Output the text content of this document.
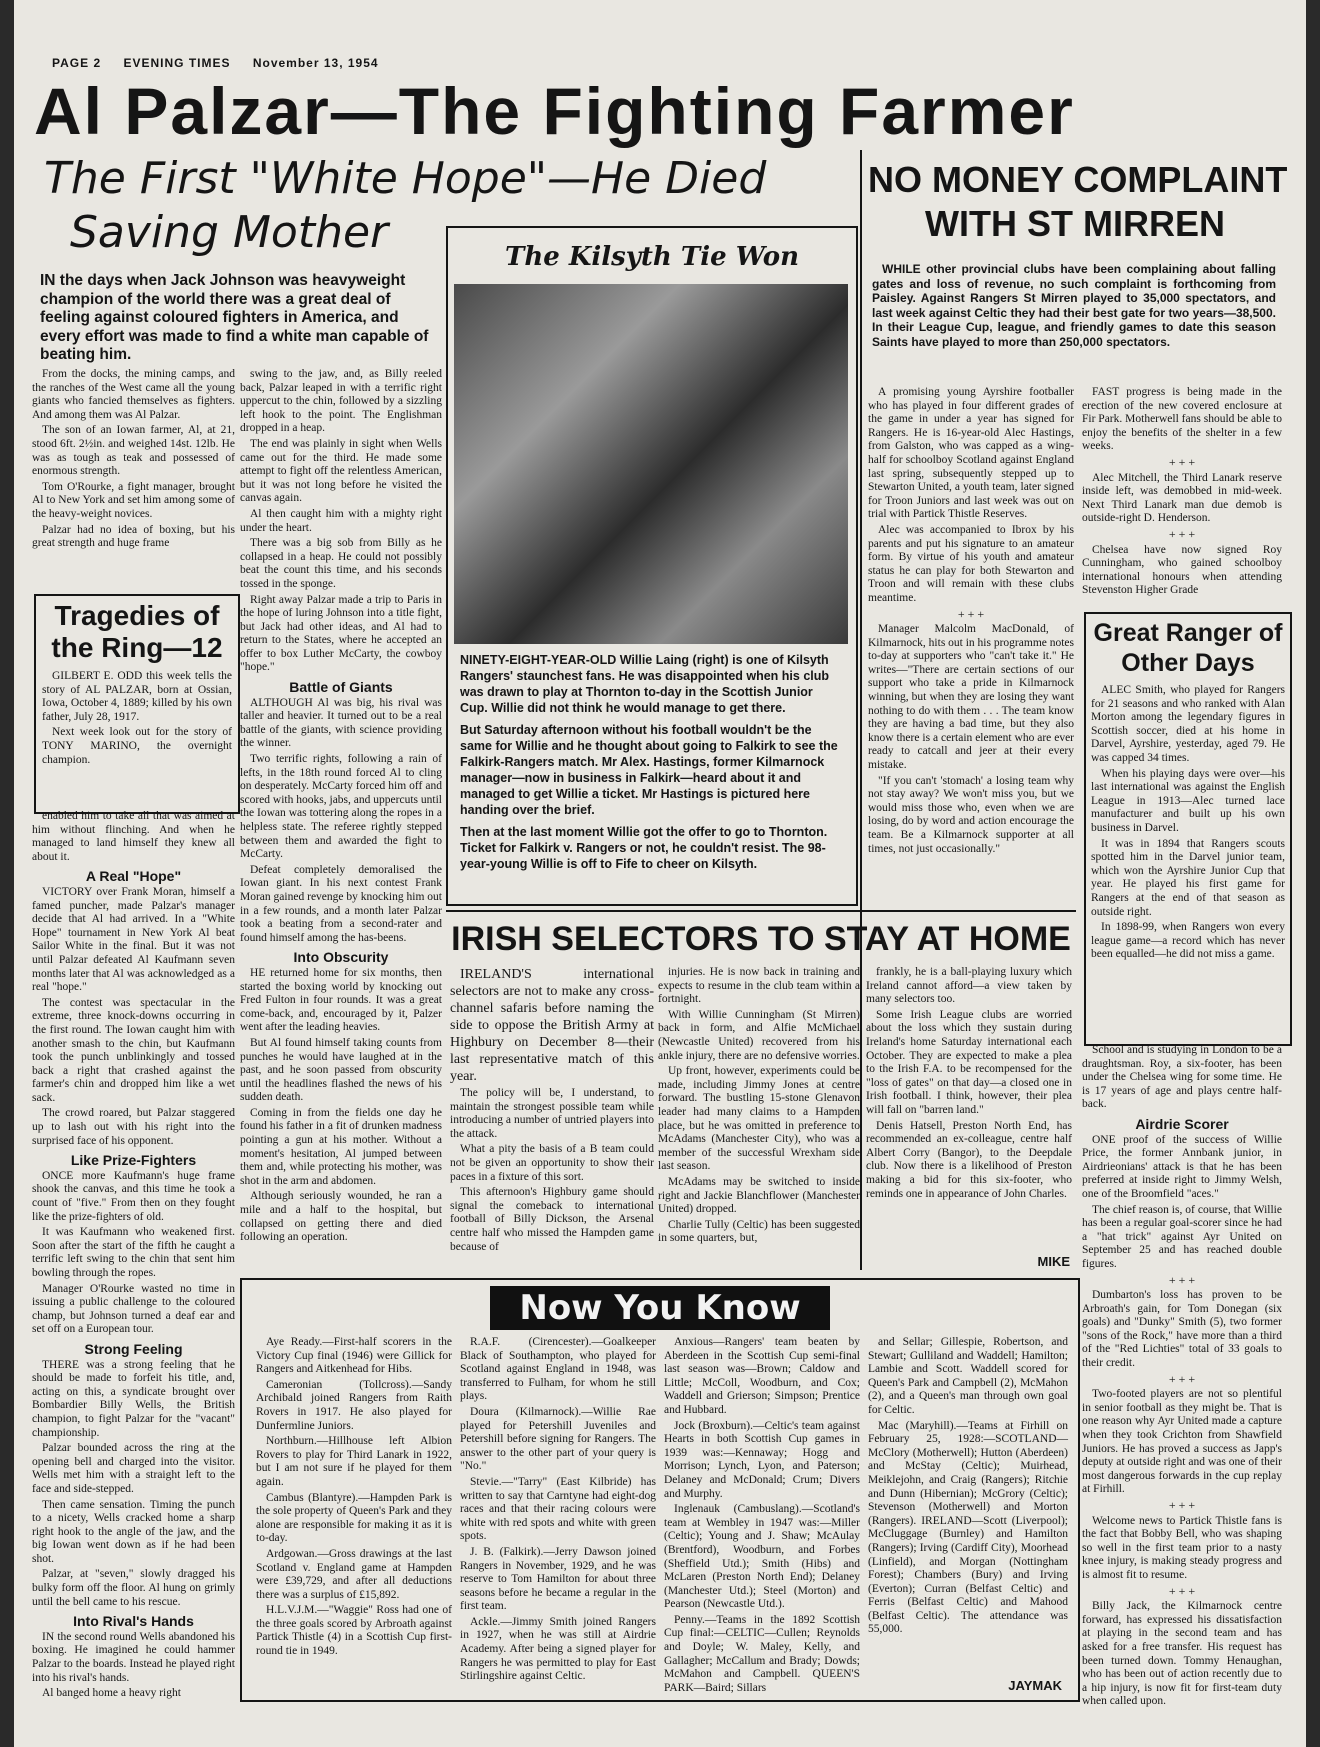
PAGE 2 EVENING TIMES November 13, 1954
Al Palzar—The Fighting Farmer
The First "White Hope"—He Died
Saving Mother
IN the days when Jack Johnson was heavyweight champion of the world there was a great deal of feeling against coloured fighters in America, and every effort was made to find a white man capable of beating him.

From the docks, the mining camps, and the ranches of the West came all the young giants who fancied themselves as fighters. And among them was Al Palzar.

The son of an Iowan farmer, Al, at 21, stood 6ft. 2½in. and weighed 14st. 12lb. He was as tough as teak and possessed of enormous strength.

Tom O'Rourke, a fight manager, brought Al to New York and set him among some of the heavy-weight novices.

Palzar had no idea of boxing, but his great strength and huge frame

Tragedies of
the Ring—12

GILBERT E. ODD this week tells the story of AL PALZAR, born at Ossian, Iowa, October 4, 1889; killed by his own father, July 28, 1917.

Next week look out for the story of TONY MARINO, the overnight champion.

enabled him to take all that was aimed at him without flinching. And when he managed to land himself they knew all about it.

A Real "Hope"

VICTORY over Frank Moran, himself a famed puncher, made Palzar's manager decide that Al had arrived. In a "White Hope" tournament in New York Al beat Sailor White in the final. But it was not until Palzar defeated Al Kaufmann seven months later that Al was acknowledged as a real "hope."

The contest was spectacular in the extreme, three knock-downs occurring in the first round. The Iowan caught him with another smash to the chin, but Kaufmann took the punch unblinkingly and tossed back a right that crashed against the farmer's chin and dropped him like a wet sack.

The crowd roared, but Palzar staggered up to lash out with his right into the surprised face of his opponent.

Like Prize-Fighters

ONCE more Kaufmann's huge frame shook the canvas, and this time he took a count of "five." From then on they fought like the prize-fighters of old.

It was Kaufmann who weakened first. Soon after the start of the fifth he caught a terrific left swing to the chin that sent him bowling through the ropes.

Manager O'Rourke wasted no time in issuing a public challenge to the coloured champ, but Johnson turned a deaf ear and set off on a European tour.

Strong Feeling

THERE was a strong feeling that he should be made to forfeit his title, and, acting on this, a syndicate brought over Bombardier Billy Wells, the British champion, to fight Palzar for the "vacant" championship.

Palzar bounded across the ring at the opening bell and charged into the visitor. Wells met him with a straight left to the face and side-stepped.

Then came sensation. Timing the punch to a nicety, Wells cracked home a sharp right hook to the angle of the jaw, and the big Iowan went down as if he had been shot.

Palzar, at "seven," slowly dragged his bulky form off the floor. Al hung on grimly until the bell came to his rescue.

Into Rival's Hands

IN the second round Wells abandoned his boxing. He imagined he could hammer Palzar to the boards. Instead he played right into his rival's hands.

Al banged home a heavy right

swing to the jaw, and, as Billy reeled back, Palzar leaped in with a terrific right uppercut to the chin, followed by a sizzling left hook to the point. The Englishman dropped in a heap.

The end was plainly in sight when Wells came out for the third. He made some attempt to fight off the relentless American, but it was not long before he visited the canvas again.

Al then caught him with a mighty right under the heart.

There was a big sob from Billy as he collapsed in a heap. He could not possibly beat the count this time, and his seconds tossed in the sponge.

Right away Palzar made a trip to Paris in the hope of luring Johnson into a title fight, but Jack had other ideas, and Al had to return to the States, where he accepted an offer to box Luther McCarty, the cowboy "hope."

Battle of Giants

ALTHOUGH Al was big, his rival was taller and heavier. It turned out to be a real battle of the giants, with science providing the winner.

Two terrific rights, following a rain of lefts, in the 18th round forced Al to cling on desperately. McCarty forced him off and scored with hooks, jabs, and uppercuts until the Iowan was tottering along the ropes in a helpless state. The referee rightly stepped between them and awarded the fight to McCarty.

Defeat completely demoralised the Iowan giant. In his next contest Frank Moran gained revenge by knocking him out in a few rounds, and a month later Palzar took a beating from a second-rater and found himself among the has-beens.

Into Obscurity

HE returned home for six months, then started the boxing world by knocking out Fred Fulton in four rounds. It was a great come-back, and, encouraged by it, Palzer went after the leading heavies.

But Al found himself taking counts from punches he would have laughed at in the past, and he soon passed from obscurity until the headlines flashed the news of his sudden death.

Coming in from the fields one day he found his father in a fit of drunken madness pointing a gun at his mother. Without a moment's hesitation, Al jumped between them and, while protecting his mother, was shot in the arm and abdomen.

Although seriously wounded, he ran a mile and a half to the hospital, but collapsed on getting there and died following an operation.

The Kilsyth Tie Won

NINETY-EIGHT-YEAR-OLD Willie Laing (right) is one of Kilsyth Rangers' staunchest fans. He was disappointed when his club was drawn to play at Thornton to-day in the Scottish Junior Cup. Willie did not think he would manage to get there.

But Saturday afternoon without his football wouldn't be the same for Willie and he thought about going to Falkirk to see the Falkirk-Rangers match. Mr Alex. Hastings, former Kilmarnock manager—now in business in Falkirk—heard about it and managed to get Willie a ticket. Mr Hastings is pictured here handing over the brief.

Then at the last moment Willie got the offer to go to Thornton. Ticket for Falkirk v. Rangers or not, he couldn't resist. The 98-year-young Willie is off to Fife to cheer on Kilsyth.

NO MONEY COMPLAINT
WITH ST MIRREN

WHILE other provincial clubs have been complaining about falling gates and loss of revenue, no such complaint is forthcoming from Paisley. Against Rangers St Mirren played to 35,000 spectators, and last week against Celtic they had their best gate for two years—38,500. In their League Cup, league, and friendly games to date this season Saints have played to more than 250,000 spectators.

A promising young Ayrshire footballer who has played in four different grades of the game in under a year has signed for Rangers. He is 16-year-old Alec Hastings, from Galston, who was capped as a wing-half for schoolboy Scotland against England last spring, subsequently stepped up to Stewarton United, a youth team, later signed for Troon Juniors and last week was out on trial with Partick Thistle Reserves.

Alec was accompanied to Ibrox by his parents and put his signature to an amateur form. By virtue of his youth and amateur status he can play for both Stewarton and Troon and will remain with these clubs meantime.

+ + +

Manager Malcolm MacDonald, of Kilmarnock, hits out in his programme notes to-day at supporters who "can't take it." He writes—"There are certain sections of our support who take a pride in Kilmarnock winning, but when they are losing they want nothing to do with them . . . The team know they are having a bad time, but they also know there is a certain element who are ever ready to catcall and jeer at their every mistake.

"If you can't 'stomach' a losing team why not stay away? We won't miss you, but we would miss those who, even when we are losing, do by word and action encourage the team. Be a Kilmarnock supporter at all times, not just occasionally."

FAST progress is being made in the erection of the new covered enclosure at Fir Park. Motherwell fans should be able to enjoy the benefits of the shelter in a few weeks.

+ + +

Alec Mitchell, the Third Lanark reserve inside left, was demobbed in mid-week. Next Third Lanark man due demob is outside-right D. Henderson.

+ + +

Chelsea have now signed Roy Cunningham, who gained schoolboy international honours when attending Stevenston Higher Grade

Great Ranger of
Other Days

ALEC Smith, who played for Rangers for 21 seasons and who ranked with Alan Morton among the legendary figures in Scottish soccer, died at his home in Darvel, Ayrshire, yesterday, aged 79. He was capped 34 times.

When his playing days were over—his last international was against the English League in 1913—Alec turned lace manufacturer and built up his own business in Darvel.

It was in 1894 that Rangers scouts spotted him in the Darvel junior team, which won the Ayrshire Junior Cup that year. He played his first game for Rangers at the end of that season as outside right.

In 1898-99, when Rangers won every league game—a record which has never been equalled—he did not miss a game.

School and is studying in London to be a draughtsman. Roy, a six-footer, has been under the Chelsea wing for some time. He is 17 years of age and plays centre half-back.

Airdrie Scorer

ONE proof of the success of Willie Price, the former Annbank junior, in Airdrieonians' attack is that he has been preferred at inside right to Jimmy Welsh, one of the Broomfield "aces."

The chief reason is, of course, that Willie has been a regular goal-scorer since he had a "hat trick" against Ayr United on September 25 and has reached double figures.

+ + +

Dumbarton's loss has proven to be Arbroath's gain, for Tom Donegan (six goals) and "Dunky" Smith (5), two former "sons of the Rock," have more than a third of the "Red Lichties" total of 33 goals to their credit.

+ + +

Two-footed players are not so plentiful in senior football as they might be. That is one reason why Ayr United made a capture when they took Crichton from Shawfield Juniors. He has proved a success as Japp's deputy at outside right and was one of their most dangerous forwards in the cup replay at Firhill.

+ + +

Welcome news to Partick Thistle fans is the fact that Bobby Bell, who was shaping so well in the first team prior to a nasty knee injury, is making steady progress and is almost fit to resume.

+ + +

Billy Jack, the Kilmarnock centre forward, has expressed his dissatisfaction at playing in the second team and has asked for a free transfer. His request has been turned down. Tommy Henaughan, who has been out of action recently due to a hip injury, is now fit for first-team duty when called upon.

IRISH SELECTORS TO STAY AT HOME

IRELAND'S international selectors are not to make any cross-channel safaris before naming the side to oppose the British Army at Highbury on December 8—their last representative match of this year.

The policy will be, I understand, to maintain the strongest possible team while introducing a number of untried players into the attack.

What a pity the basis of a B team could not be given an opportunity to show their paces in a fixture of this sort.

This afternoon's Highbury game should signal the comeback to international football of Billy Dickson, the Arsenal centre half who missed the Hampden game because of

injuries. He is now back in training and expects to resume in the club team within a fortnight.

With Willie Cunningham (St Mirren) back in form, and Alfie McMichael (Newcastle United) recovered from his ankle injury, there are no defensive worries.

Up front, however, experiments could be made, including Jimmy Jones at centre forward. The bustling 15-stone Glenavon leader had many claims to a Hampden place, but he was omitted in preference to McAdams (Manchester City), who was a member of the successful Wrexham side last season.

McAdams may be switched to inside right and Jackie Blanchflower (Manchester United) dropped.

Charlie Tully (Celtic) has been suggested in some quarters, but,

frankly, he is a ball-playing luxury which Ireland cannot afford—a view taken by many selectors too.

Some Irish League clubs are worried about the loss which they sustain during Ireland's home Saturday international each October. They are expected to make a plea to the Irish F.A. to be recompensed for the "loss of gates" on that day—a closed one in Irish football. I think, however, their plea will fall on "barren land."

Denis Hatsell, Preston North End, has recommended an ex-colleague, centre half Albert Corry (Bangor), to the Deepdale club. Now there is a likelihood of Preston making a bid for this six-footer, who reminds one in appearance of John Charles.

MIKE
Now You Know

Aye Ready.—First-half scorers in the Victory Cup final (1946) were Gillick for Rangers and Aitkenhead for Hibs.

Cameronian (Tollcross).—Sandy Archibald joined Rangers from Raith Rovers in 1917. He also played for Dunfermline Juniors.

Northburn.—Hillhouse left Albion Rovers to play for Third Lanark in 1922, but I am not sure if he played for them again.

Cambus (Blantyre).—Hampden Park is the sole property of Queen's Park and they alone are responsible for making it as it is to-day.

Ardgowan.—Gross drawings at the last Scotland v. England game at Hampden were £39,729, and after all deductions there was a surplus of £15,892.

H.L.V.J.M.—"Waggie" Ross had one of the three goals scored by Arbroath against Partick Thistle (4) in a Scottish Cup first-round tie in 1949.

R.A.F. (Cirencester).—Goalkeeper Black of Southampton, who played for Scotland against England in 1948, was transferred to Fulham, for whom he still plays.

Doura (Kilmarnock).—Willie Rae played for Petershill Juveniles and Petershill before signing for Rangers. The answer to the other part of your query is "No."

Stevie.—"Tarry" (East Kilbride) has written to say that Carntyne had eight-dog races and that their racing colours were white with red spots and white with green spots.

J. B. (Falkirk).—Jerry Dawson joined Rangers in November, 1929, and he was reserve to Tom Hamilton for about three seasons before he became a regular in the first team.

Ackle.—Jimmy Smith joined Rangers in 1927, when he was still at Airdrie Academy. After being a signed player for Rangers he was permitted to play for East Stirlingshire against Celtic.

Anxious—Rangers' team beaten by Aberdeen in the Scottish Cup semi-final last season was—Brown; Caldow and Little; McColl, Woodburn, and Cox; Waddell and Grierson; Simpson; Prentice and Hubbard.

Jock (Broxburn).—Celtic's team against Hearts in both Scottish Cup games in 1939 was:—Kennaway; Hogg and Morrison; Lynch, Lyon, and Paterson; Delaney and McDonald; Crum; Divers and Murphy.

Inglenauk (Cambuslang).—Scotland's team at Wembley in 1947 was:—Miller (Celtic); Young and J. Shaw; McAulay (Brentford), Woodburn, and Forbes (Sheffield Utd.); Smith (Hibs) and McLaren (Preston North End); Delaney (Manchester Utd.); Steel (Morton) and Pearson (Newcastle Utd.).

Penny.—Teams in the 1892 Scottish Cup final:—CELTIC—Cullen; Reynolds and Doyle; W. Maley, Kelly, and Gallagher; McCallum and Brady; Dowds; McMahon and Campbell. QUEEN'S PARK—Baird; Sillars

and Sellar; Gillespie, Robertson, and Stewart; Gulliland and Waddell; Hamilton; Lambie and Scott. Waddell scored for Queen's Park and Campbell (2), McMahon (2), and a Queen's man through own goal for Celtic.

Mac (Maryhill).—Teams at Firhill on February 25, 1928:—SCOTLAND—McClory (Motherwell); Hutton (Aberdeen) and McStay (Celtic); Muirhead, Meiklejohn, and Craig (Rangers); Ritchie and Dunn (Hibernian); McGrory (Celtic); Stevenson (Motherwell) and Morton (Rangers). IRELAND—Scott (Liverpool); McCluggage (Burnley) and Hamilton (Rangers); Irving (Cardiff City), Moorhead (Linfield), and Morgan (Nottingham Forest); Chambers (Bury) and Irving (Everton); Curran (Belfast Celtic) and Ferris (Belfast Celtic) and Mahood (Belfast Celtic). The attendance was 55,000.

JAYMAK
